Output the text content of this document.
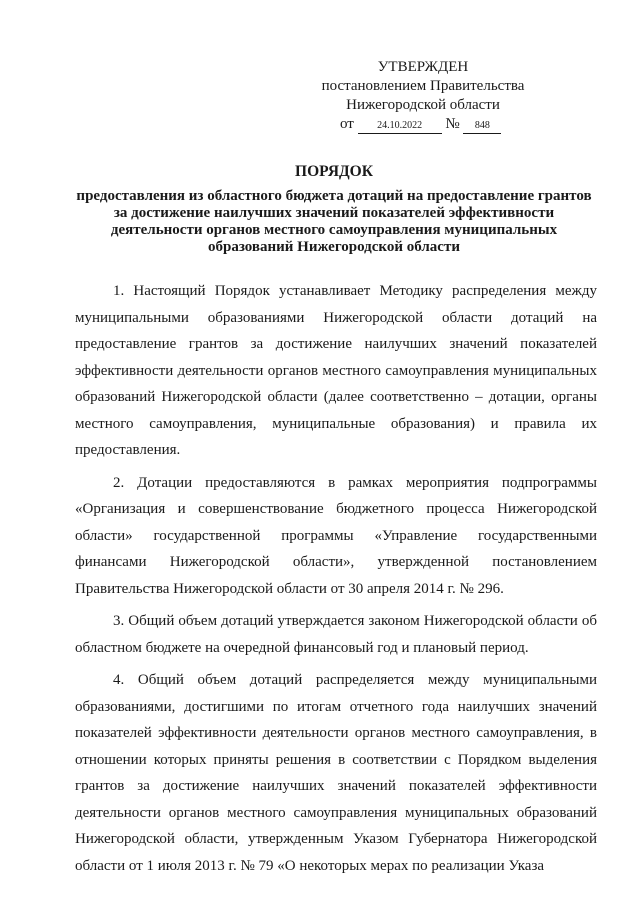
УТВЕРЖДЕН
постановлением Правительства
Нижегородской области
от 24.10.2022 № 848
ПОРЯДОК
предоставления из областного бюджета дотаций на предоставление грантов за достижение наилучших значений показателей эффективности деятельности органов местного самоуправления муниципальных образований Нижегородской области

1. Настоящий Порядок устанавливает Методику распределения между муниципальными образованиями Нижегородской области дотаций на предоставление грантов за достижение наилучших значений показателей эффективности деятельности органов местного самоуправления муниципальных образований Нижегородской области (далее соответственно – дотации, органы местного самоуправления, муниципальные образования) и правила их предоставления.

2. Дотации предоставляются в рамках мероприятия подпрограммы «Организация и совершенствование бюджетного процесса Нижегородской области» государственной программы «Управление государственными финансами Нижегородской области», утвержденной постановлением Правительства Нижегородской области от 30 апреля 2014 г. № 296.

3. Общий объем дотаций утверждается законом Нижегородской области об областном бюджете на очередной финансовый год и плановый период.

4. Общий объем дотаций распределяется между муниципальными образованиями, достигшими по итогам отчетного года наилучших значений показателей эффективности деятельности органов местного самоуправления, в отношении которых приняты решения в соответствии с Порядком выделения грантов за достижение наилучших значений показателей эффективности деятельности органов местного самоуправления муниципальных образований Нижегородской области, утвержденным Указом Губернатора Нижегородской области от 1 июля 2013 г. № 79 «О некоторых мерах по реализации Указа
